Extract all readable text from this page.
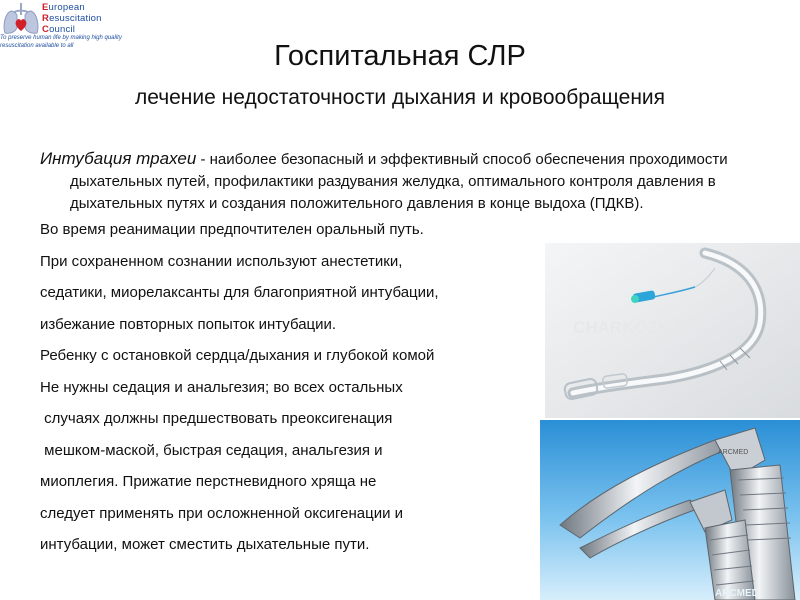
European
Resuscitation
Council
To preserve human life by making high quality resuscitation available to all	Госпитальная СЛР
лечение недостаточности дыхания и кровообращения

Интубация трахеи - наиболее безопасный и эффективный способ обеспечения проходимости дыхательных путей, профилактики раздувания желудка, оптимального контроля давления в дыхательных путях и создания положительного давления в конце выдоха (ПДКВ).

Во время реанимации предпочтителен оральный путь.

При сохраненном сознании используют анестетики,

седатики, миорелаксанты для благоприятной интубации,

избежание повторных попыток интубации.

Ребенку с остановкой сердца/дыхания и глубокой комой

Не нужны седация и анальгезия; во всех остальных

случаях должны предшествовать преоксигенация

мешком-маской, быстрая седация, анальгезия и

миоплегия. Прижатие перстневидного хряща не

следует применять при осложненной оксигенации и

интубации, может сместить дыхательные пути.

CHARKOZK.R
ARCMED
ARCMED
